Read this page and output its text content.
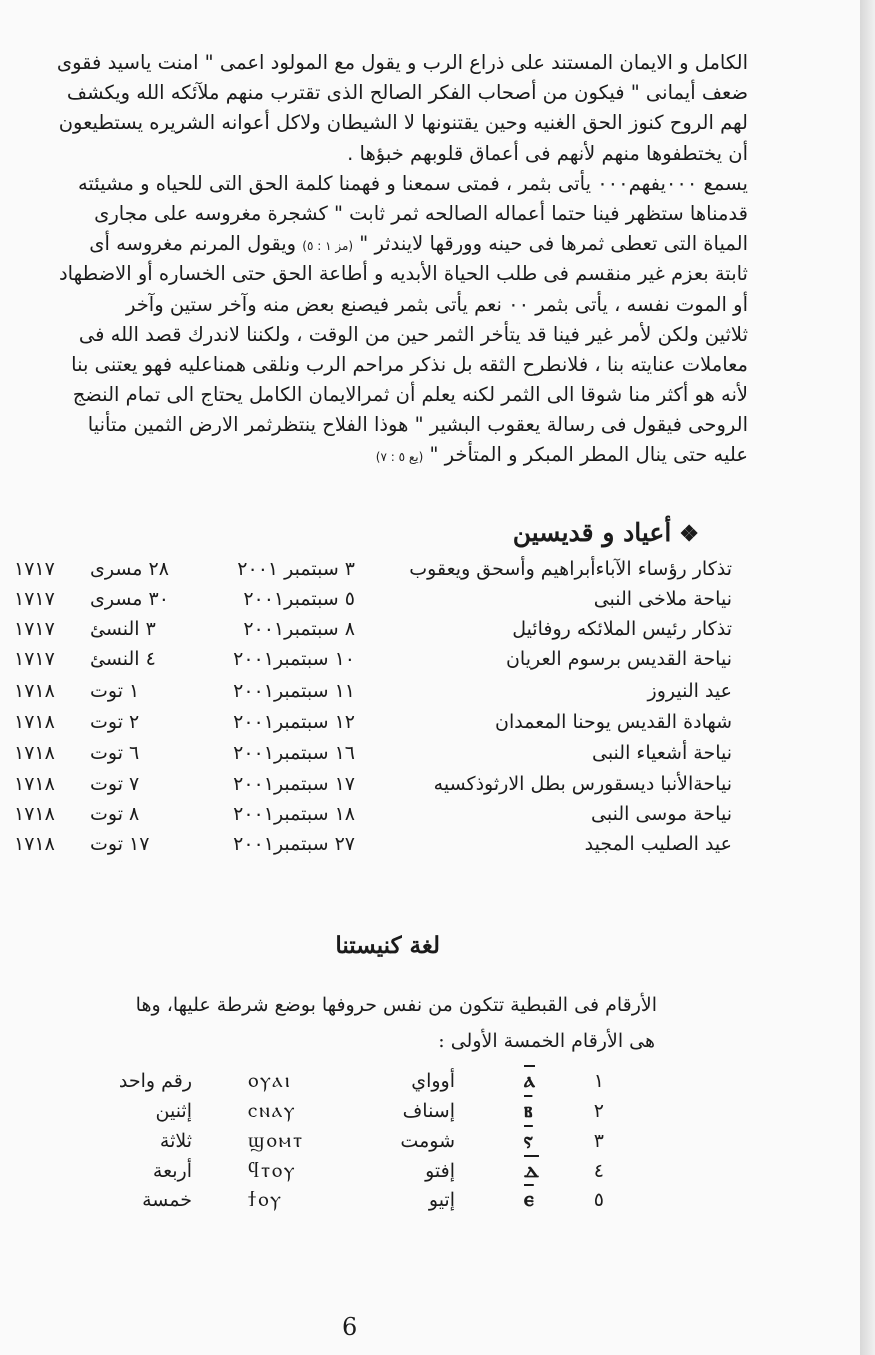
الكامل و الايمان المستند على ذراع الرب و يقول مع المولود اعمى " امنت ياسيد فقوى

ضعف أيمانى " فيكون من أصحاب الفكر الصالح الذى تقترب منهم ملآئكه الله ويكشف

لهم الروح كنوز الحق الغنيه وحين يقتنونها لا الشيطان ولاكل أعوانه الشريره يستطيعون

أن يختطفوها منهم لأنهم فى أعماق قلوبهم خبؤها .

يسمع ٠٠٠يفهم٠٠٠ يأتى بثمر ، فمتى سمعنا و فهمنا كلمة الحق التى للحياه و مشيئته

قدمناها ستظهر فينا حتما أعماله الصالحه ثمر ثابت " كشجرة مغروسه على مجارى

المياة التى تعطى ثمرها فى حينه وورقها لايندثر " (مز ١ : ٥) ويقول المرنم مغروسه أى

ثابتة بعزم غير منقسم فى طلب الحياة الأبديه و أطاعة الحق حتى الخساره أو الاضطهاد

أو الموت نفسه ، يأتى بثمر ٠٠ نعم يأتى بثمر فيصنع بعض منه وآخر ستين وآخر

ثلاثين ولكن لأمر غير فينا قد يتأخر الثمر حين من الوقت ، ولكننا لاندرك قصد الله فى

معاملات عنايته بنا ، فلانطرح الثقه بل نذكر مراحم الرب ونلقى همناعليه فهو يعتنى بنا

لأنه هو أكثر منا شوقا الى الثمر لكنه يعلم أن ثمرالايمان الكامل يحتاج الى تمام النضج

الروحى فيقول فى رسالة يعقوب البشير " هوذا الفلاح ينتظرثمر الارض الثمين متأنيا

عليه حتى ينال المطر المبكر و المتأخر " (يع ٥ : ٧)

❖أعياد و قديسين
تذكار رؤساء الآباءأبراهيم وأسحق ويعقوب
٣ سبتمبر ٢٠٠١
٢٨ مسرى
١٧١٧
نياحة ملاخى النبى
٥ سبتمبر٢٠٠١
٣٠ مسرى
١٧١٧
تذكار رئيس الملائكه روفائيل
٨ سبتمبر٢٠٠١
٣ النسئ
١٧١٧
نياحة القديس برسوم العريان
١٠ سبتمبر٢٠٠١
٤ النسئ
١٧١٧
عيد النيروز
١١ سبتمبر٢٠٠١
١ توت
١٧١٨
شهادة القديس يوحنا المعمدان
١٢ سبتمبر٢٠٠١
٢ توت
١٧١٨
نياحة أشعياء النبى
١٦ سبتمبر٢٠٠١
٦ توت
١٧١٨
نياحةالأنبا ديسقورس بطل الارثوذكسيه
١٧ سبتمبر٢٠٠١
٧ توت
١٧١٨
نياحة موسى النبى
١٨ سبتمبر٢٠٠١
٨ توت
١٧١٨
عيد الصليب المجيد
٢٧ سبتمبر٢٠٠١
١٧ توت
١٧١٨
لغة كنيستنا
الأرقام فى القبطية تتكون من نفس حروفها بوضع شرطة عليها، وها
هى الأرقام الخمسة الأولى :
١
ⲁ
أوواي
ⲟⲩⲁⲓ
رقم واحد
٢
ⲃ
إسناف
ⲥⲛⲁⲩ
إثنين
٣
ⲋ
شومت
ϣⲟⲙⲧ
ثلاثة
٤
ⲇ
إفتو
ϥⲧⲟⲩ
أربعة
٥
ⲉ
إتيو
ϯⲟⲩ
خمسة
6
